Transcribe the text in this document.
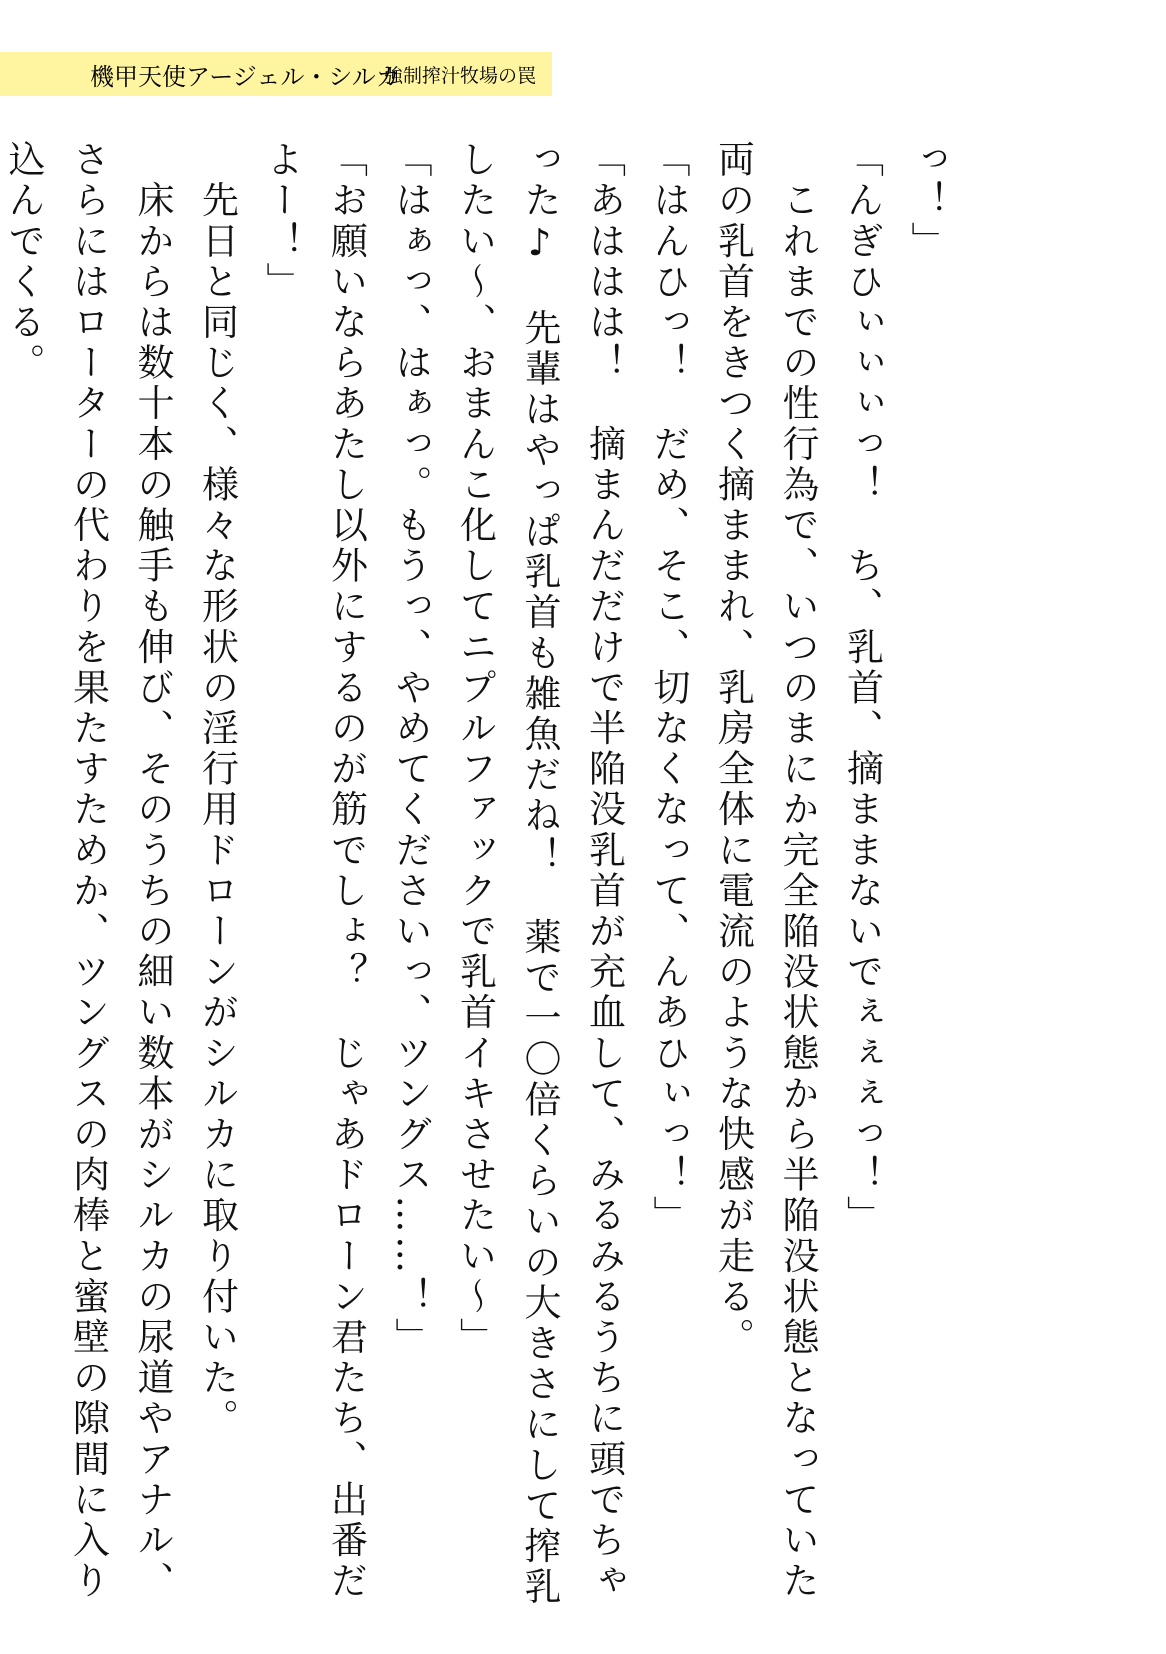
機甲天使アージェル・シルカ
強制搾汁牧場の罠

っ！」

「んぎひぃぃぃっ！　ち、乳首、摘ままないでぇぇぇっ！」

　これまでの性行為で、いつのまにか完全陥没状態から半陥没状態となっていた両の乳首をきつく摘ままれ、乳房全体に電流のような快感が走る。

「はんひっ！　だめ、そこ、切なくなって、んあひぃっ！」

「あははは！　摘まんだだけで半陥没乳首が充血して、みるみるうちに頭でちゃった♪　先輩はやっぱ乳首も雑魚だね！　薬で一〇倍くらいの大きさにして搾乳したい〜、おまんこ化してニプルファックで乳首イキさせたい〜」

「はぁっ、はぁっ。もうっ、やめてくださいっ、ツングス……！」

「お願いならあたし以外にするのが筋でしょ？　じゃあドローン君たち、出番だよー！」

　先日と同じく、様々な形状の淫行用ドローンがシルカに取り付いた。

　床からは数十本の触手も伸び、そのうちの細い数本がシルカの尿道やアナル、さらにはローターの代わりを果たすためか、ツングスの肉棒と蜜壁の隙間に入り込んでくる。
